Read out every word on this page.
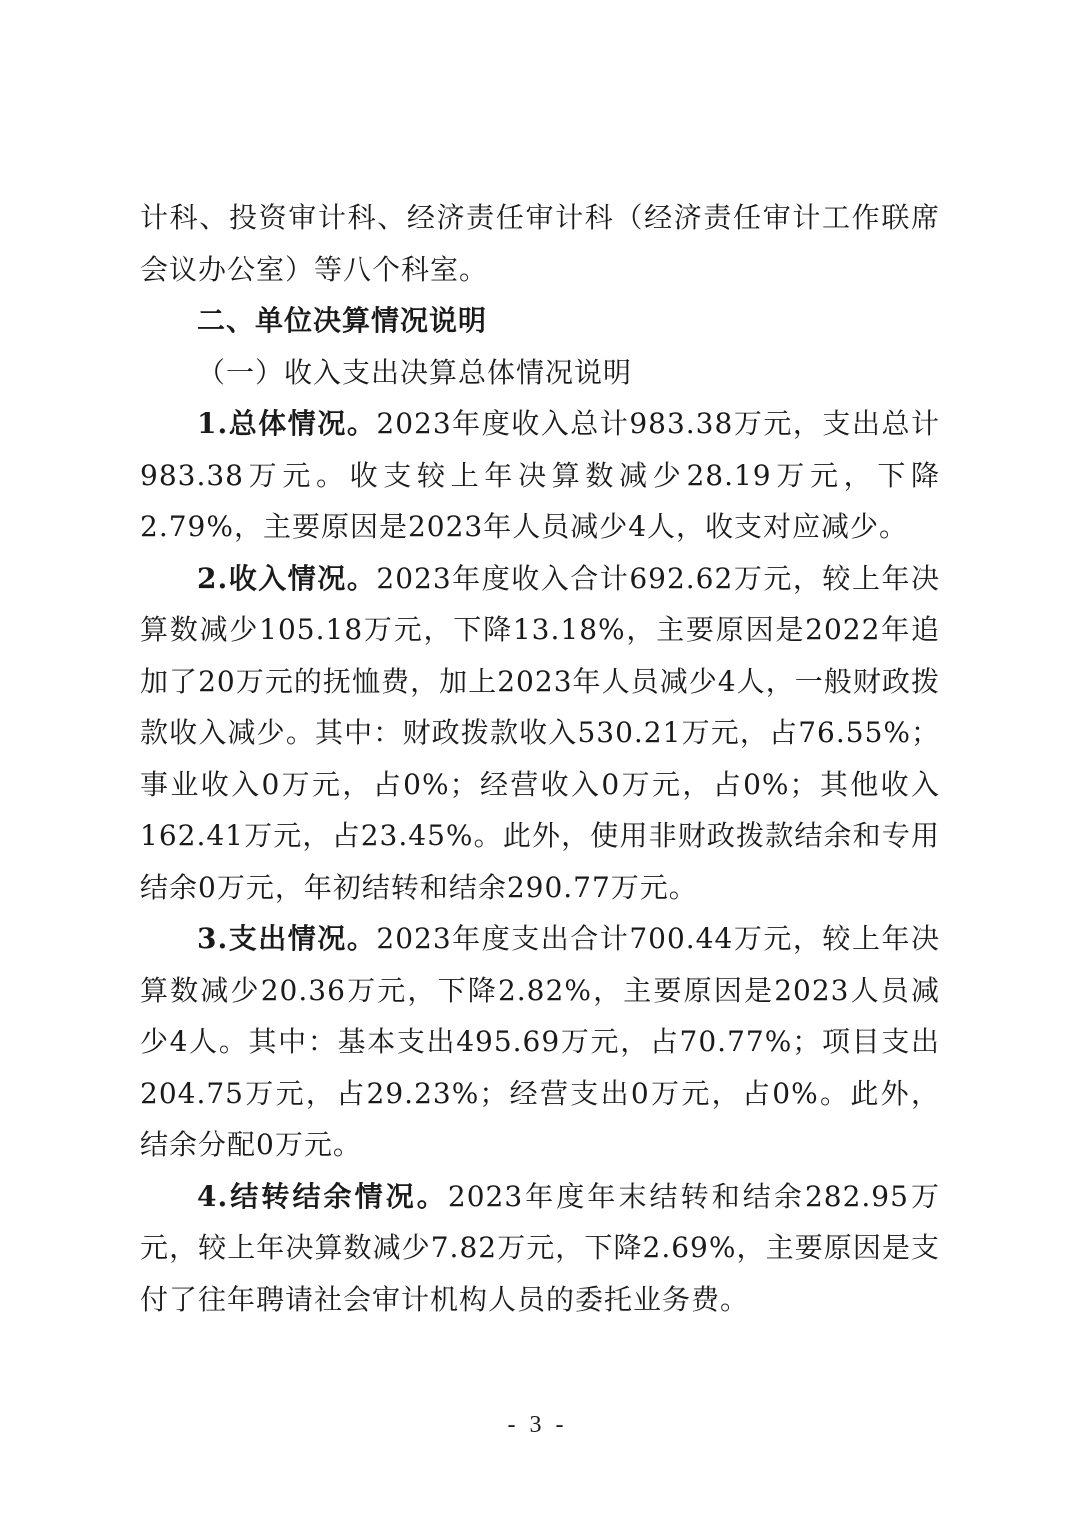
计科、投资审计科、经济责任审计科（经济责任审计工作联席会议办公室）等八个科室。

二、单位决算情况说明

（一）收入支出决算总体情况说明

1.总体情况。2023年度收入总计983.38万元，支出总计983.38万元。收支较上年决算数减少28.19万元，下降2.79%，主要原因是2023年人员减少4人，收支对应减少。

2.收入情况。2023年度收入合计692.62万元，较上年决算数减少105.18万元，下降13.18%，主要原因是2022年追加了20万元的抚恤费，加上2023年人员减少4人，一般财政拨款收入减少。其中：财政拨款收入530.21万元，占76.55%；事业收入0万元，占0%；经营收入0万元，占0%；其他收入162.41万元，占23.45%。此外，使用非财政拨款结余和专用结余0万元，年初结转和结余290.77万元。

3.支出情况。2023年度支出合计700.44万元，较上年决算数减少20.36万元，下降2.82%，主要原因是2023人员减少4人。其中：基本支出495.69万元，占70.77%；项目支出204.75万元，占29.23%；经营支出0万元，占0%。此外，结余分配0万元。

4.结转结余情况。2023年度年末结转和结余282.95万元，较上年决算数减少7.82万元，下降2.69%，主要原因是支付了往年聘请社会审计机构人员的委托业务费。

- 3 -
